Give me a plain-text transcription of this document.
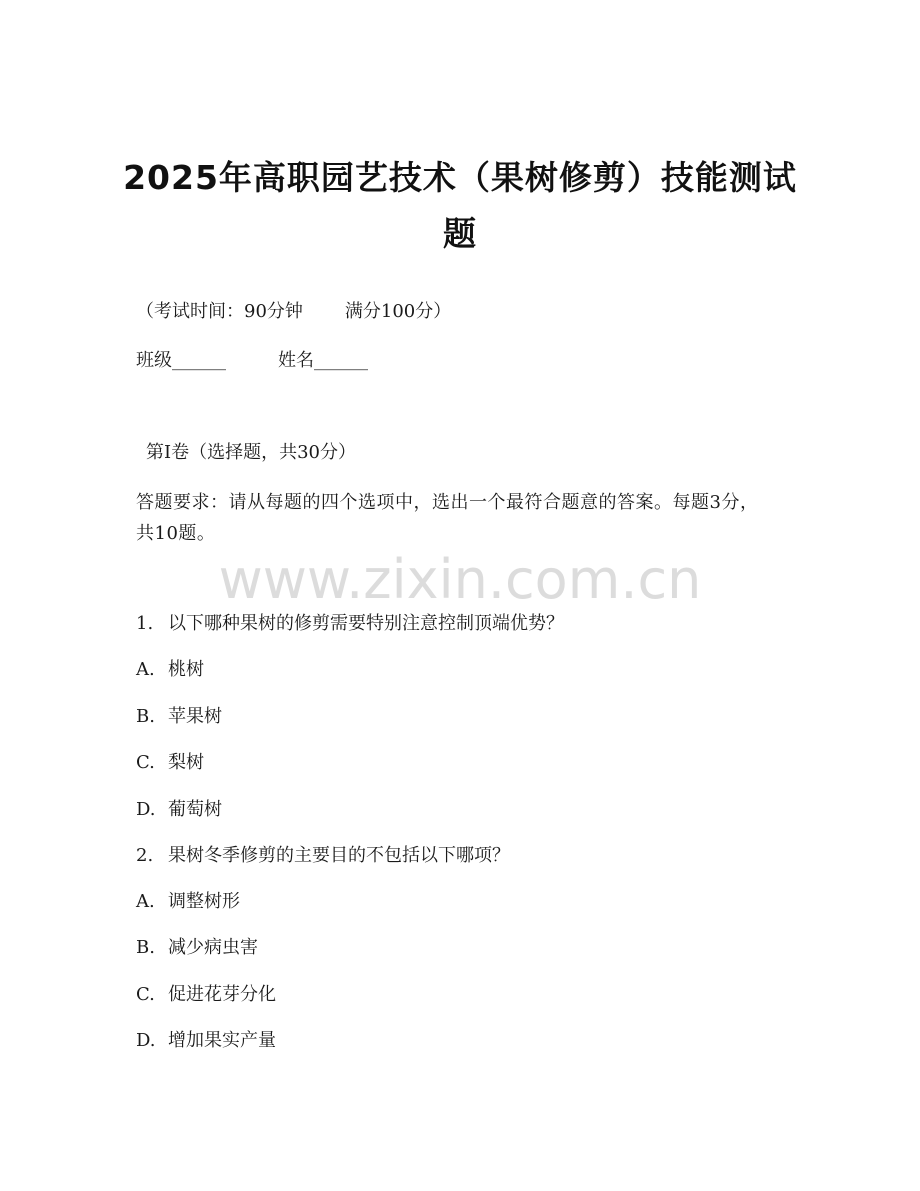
www.zixin.com.cn
2025年高职园艺技术（果树修剪）技能测试
题
（考试时间：90分钟 满分100分）
班级______	姓名______
第Ⅰ卷（选择题，共30分）
答题要求：请从每题的四个选项中，选出一个最符合题意的答案。每题3分，共10题。
1. 以下哪种果树的修剪需要特别注意控制顶端优势？
A. 桃树
B. 苹果树
C. 梨树
D. 葡萄树
2. 果树冬季修剪的主要目的不包括以下哪项？
A. 调整树形
B. 减少病虫害
C. 促进花芽分化
D. 增加果实产量
